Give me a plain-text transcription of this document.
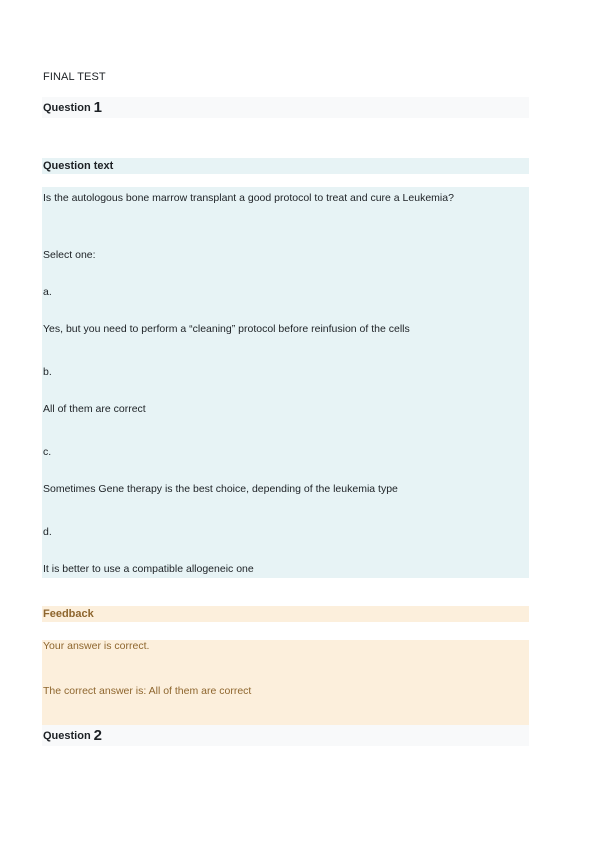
FINAL TEST
Question 1
Question text
Is the autologous bone marrow transplant a good protocol to treat and cure a Leukemia?
Select one:
a.
Yes, but you need to perform a “cleaning” protocol before reinfusion of the cells
b.
All of them are correct
c.
Sometimes Gene therapy is the best choice, depending of the leukemia type
d.
It is better to use a compatible allogeneic one
Feedback
Your answer is correct.
The correct answer is: All of them are correct
Question 2
